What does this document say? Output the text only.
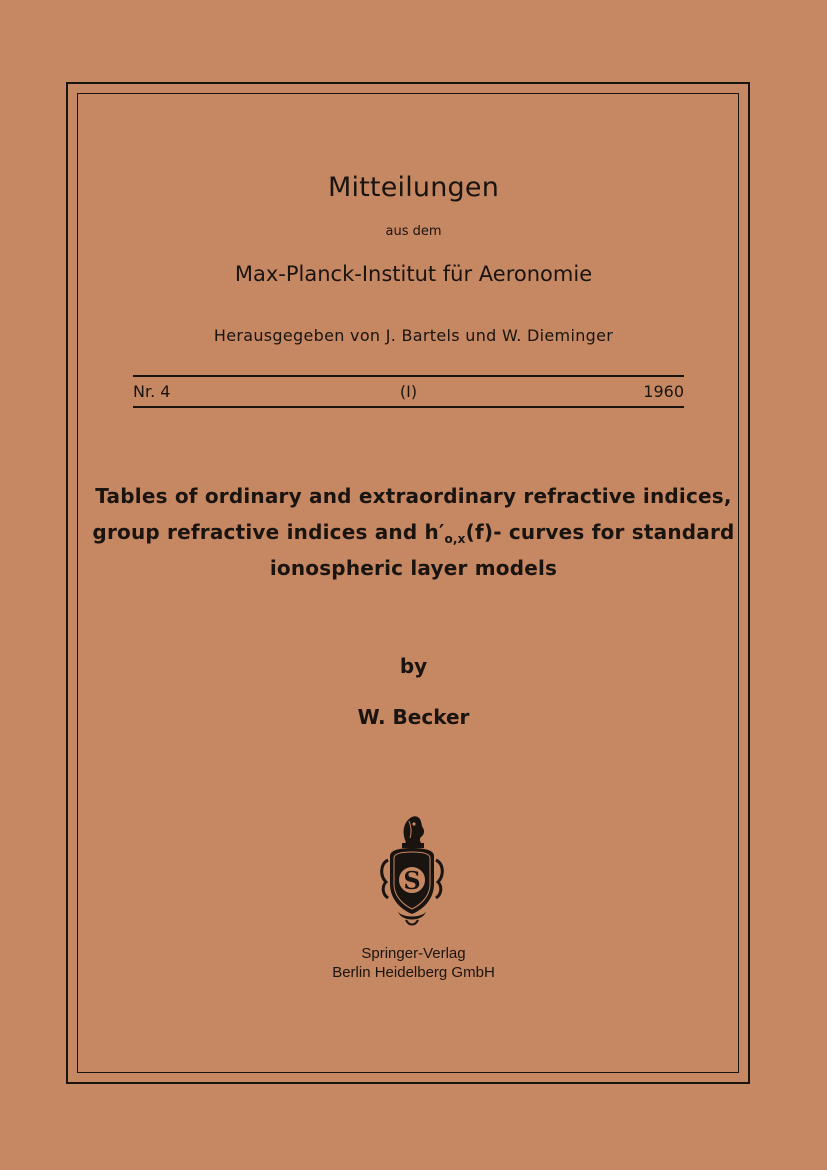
Mitteilungen
aus dem
Max-Planck-Institut für Aeronomie
Herausgegeben von J. Bartels und W. Dieminger
Nr. 4	(I)	1960
Tables of ordinary and extraordinary refractive indices,
group refractive indices and $h'_{o,x}(f)-$ curves for standard
ionospheric layer models
by
W. Becker
S
Springer-Verlag
Berlin Heidelberg GmbH
